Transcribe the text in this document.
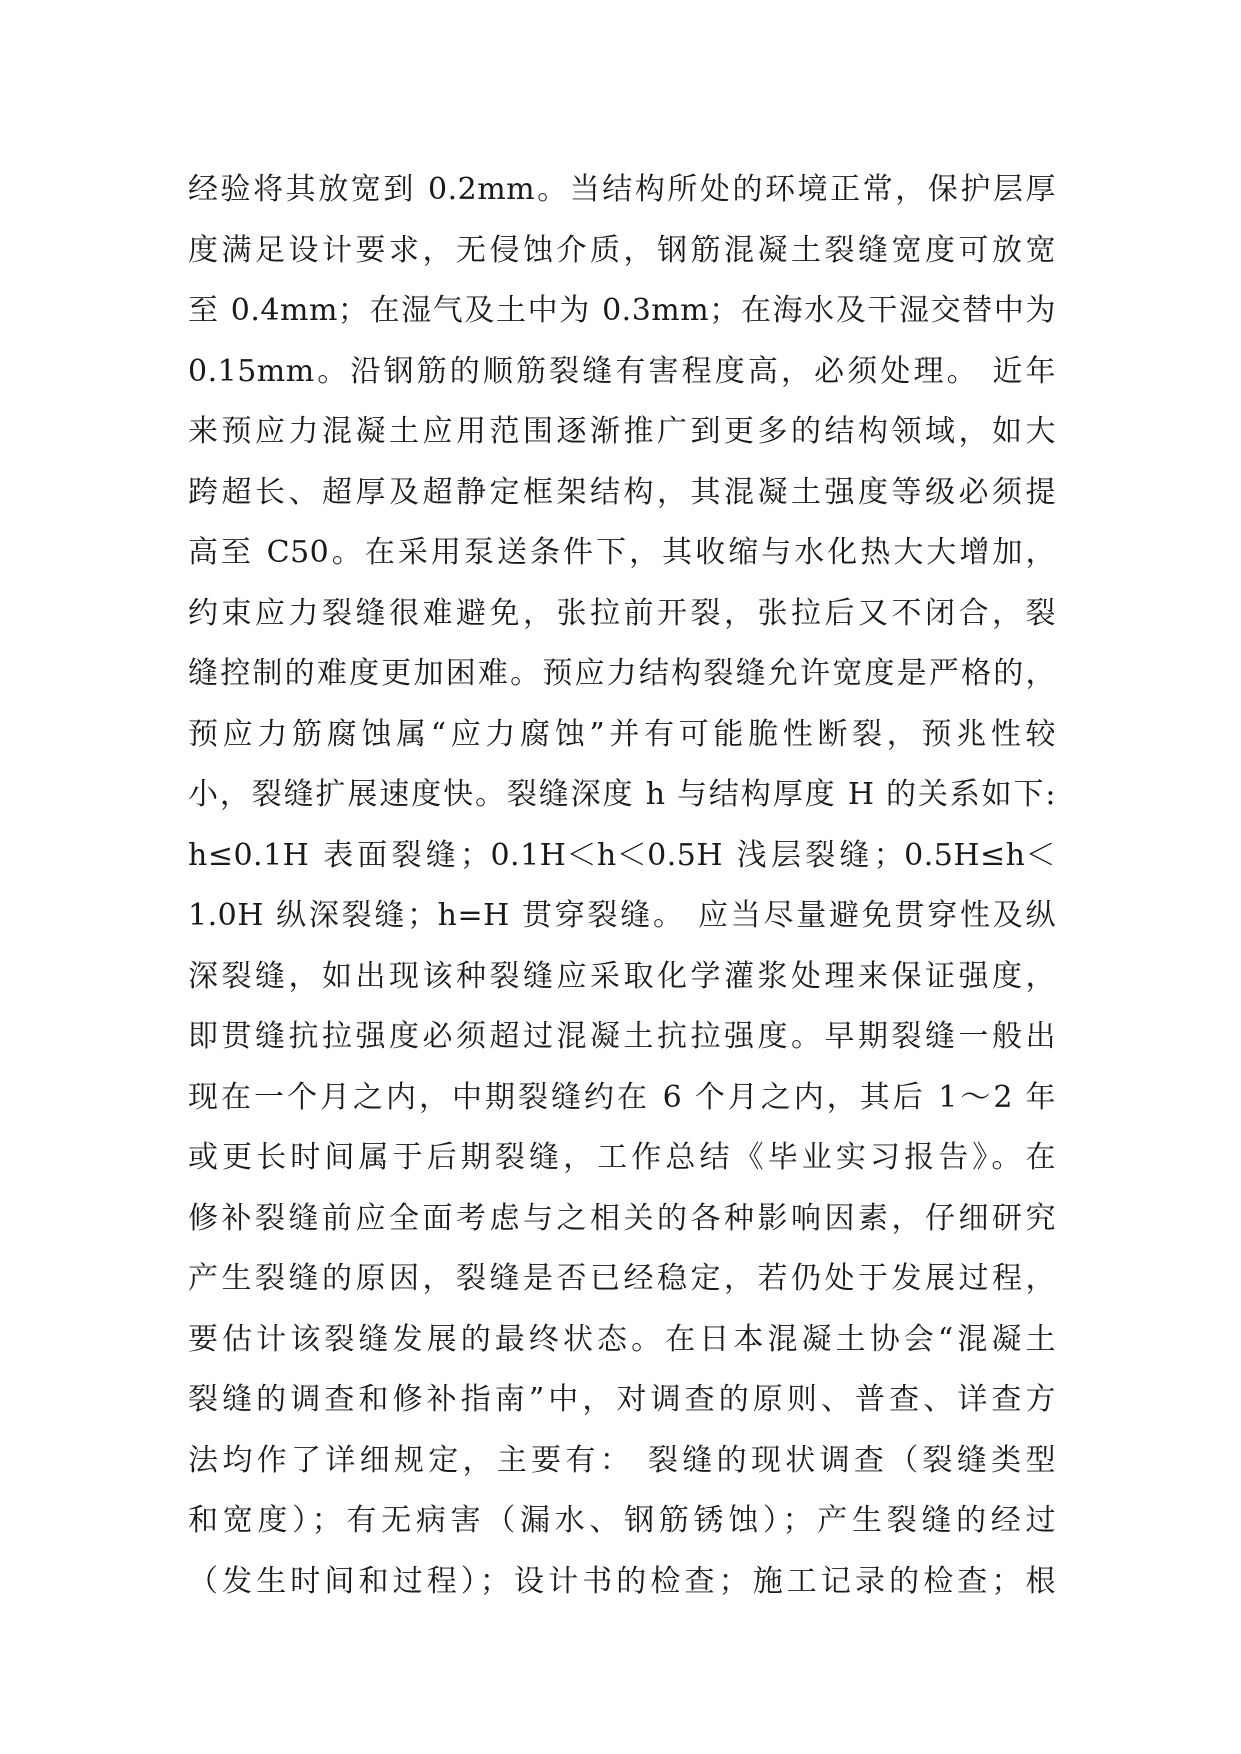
经验将其放宽到 0.2mm。当结构所处的环境正常，保护层厚
度满足设计要求，无侵蚀介质，钢筋混凝土裂缝宽度可放宽
至 0.4mm；在湿气及土中为 0.3mm；在海水及干湿交替中为
0.15mm。沿钢筋的顺筋裂缝有害程度高，必须处理。 近年
来预应力混凝土应用范围逐渐推广到更多的结构领域，如大
跨超长、超厚及超静定框架结构，其混凝土强度等级必须提
高至 C50。在采用泵送条件下，其收缩与水化热大大增加，
约束应力裂缝很难避免，张拉前开裂，张拉后又不闭合，裂
缝控制的难度更加困难。预应力结构裂缝允许宽度是严格的，
预应力筋腐蚀属“应力腐蚀”并有可能脆性断裂，预兆性较
小，裂缝扩展速度快。裂缝深度 h 与结构厚度 H 的关系如下:
h≤0.1H 表面裂缝；0.1H＜h＜0.5H 浅层裂缝；0.5H≤h＜
1.0H 纵深裂缝；h=H 贯穿裂缝。 应当尽量避免贯穿性及纵
深裂缝，如出现该种裂缝应采取化学灌浆处理来保证强度，
即贯缝抗拉强度必须超过混凝土抗拉强度。早期裂缝一般出
现在一个月之内，中期裂缝约在 6 个月之内，其后 1～2 年
或更长时间属于后期裂缝，工作总结《毕业实习报告》。在
修补裂缝前应全面考虑与之相关的各种影响因素，仔细研究
产生裂缝的原因，裂缝是否已经稳定，若仍处于发展过程，
要估计该裂缝发展的最终状态。在日本混凝土协会“混凝土
裂缝的调查和修补指南”中，对调查的原则、普查、详查方
法均作了详细规定，主要有： 裂缝的现状调查（裂缝类型
和宽度）；有无病害（漏水、钢筋锈蚀）；产生裂缝的经过
（发生时间和过程）；设计书的检查；施工记录的检查；根
